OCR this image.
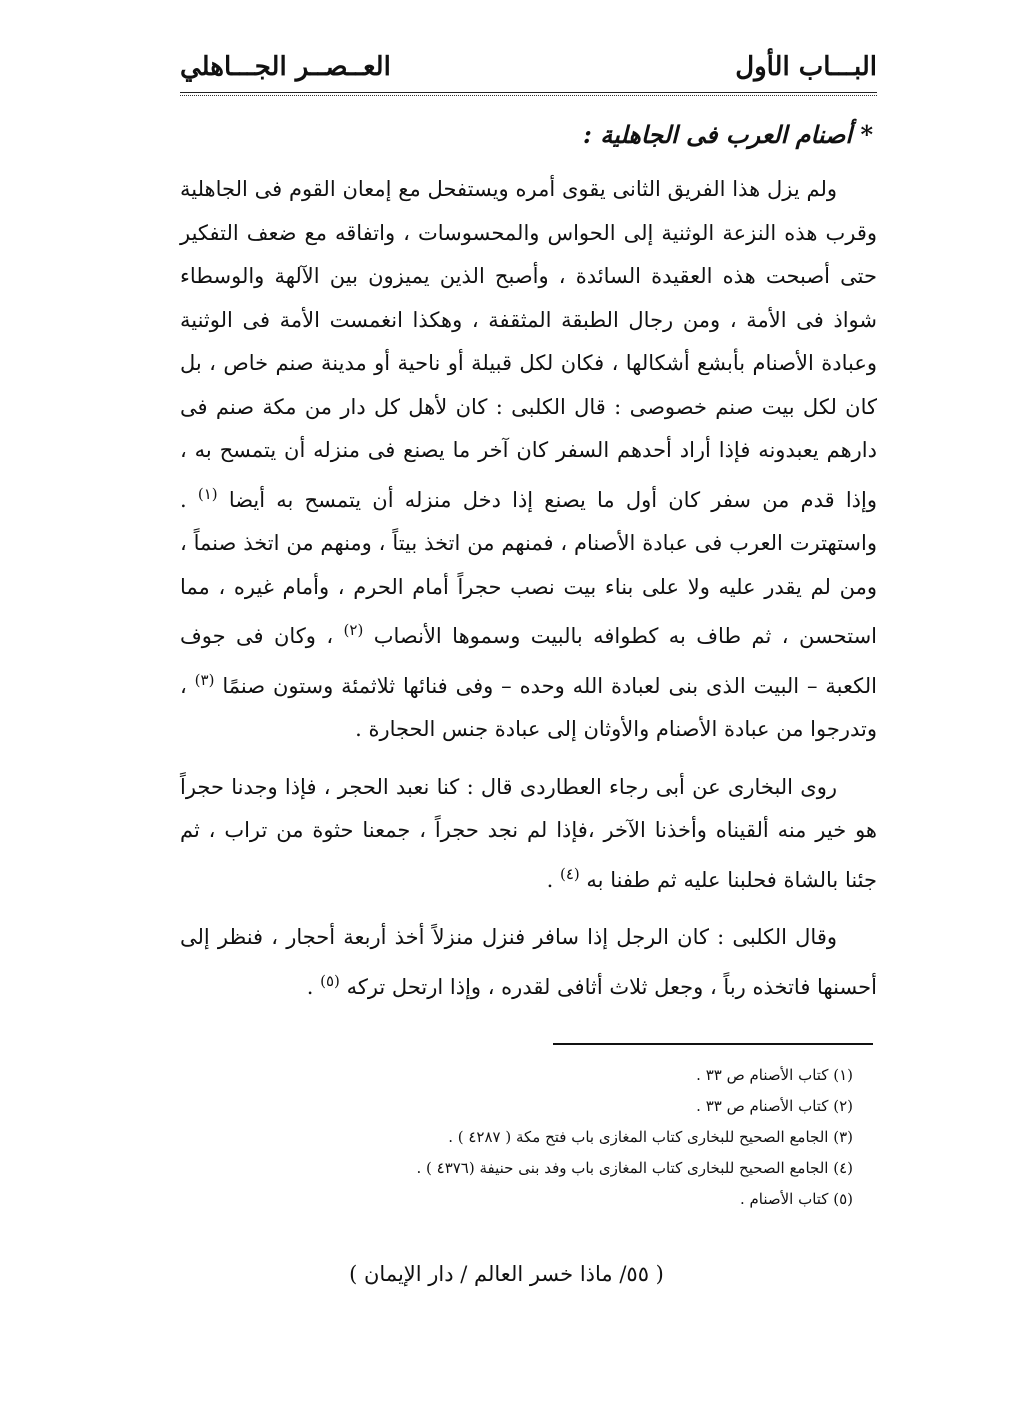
البـــاب الأول
العــصــر الجـــاهلي
* أصنام العرب فى الجاهلية :

ولم يزل هذا الفريق الثانى يقوى أمره ويستفحل مع إمعان القوم فى الجاهلية وقرب هذه النزعة الوثنية إلى الحواس والمحسوسات ، واتفاقه مع ضعف التفكير حتى أصبحت هذه العقيدة السائدة ، وأصبح الذين يميزون بين الآلهة والوسطاء شواذ فى الأمة ، ومن رجال الطبقة المثقفة ، وهكذا انغمست الأمة فى الوثنية وعبادة الأصنام بأبشع أشكالها ، فكان لكل قبيلة أو ناحية أو مدينة صنم خاص ، بل كان لكل بيت صنم خصوصى : قال الكلبى : كان لأهل كل دار من مكة صنم فى دارهم يعبدونه فإذا أراد أحدهم السفر كان آخر ما يصنع فى منزله أن يتمسح به ، وإذا قدم من سفر كان أول ما يصنع إذا دخل منزله أن يتمسح به أيضا $^{(١)}$ . واستهترت العرب فى عبادة الأصنام ، فمنهم من اتخذ بيتاً ، ومنهم من اتخذ صنماً ، ومن لم يقدر عليه ولا على بناء بيت نصب حجراً أمام الحرم ، وأمام غيره ، مما استحسن ، ثم طاف به كطوافه بالبيت وسموها الأنصاب $^{(٢)}$ ، وكان فى جوف الكعبة – البيت الذى بنى لعبادة الله وحده – وفى فنائها ثلاثمئة وستون صنمًا $^{(٣)}$ ، وتدرجوا من عبادة الأصنام والأوثان إلى عبادة جنس الحجارة .

روى البخارى عن أبى رجاء العطاردى قال : كنا نعبد الحجر ، فإذا وجدنا حجراً هو خير منه ألقيناه وأخذنا الآخر ،فإذا لم نجد حجراً ، جمعنا حثوة من تراب ، ثم جئنا بالشاة فحلبنا عليه ثم طفنا به $^{(٤)}$ .

وقال الكلبى : كان الرجل إذا سافر فنزل منزلاً أخذ أربعة أحجار ، فنظر إلى أحسنها فاتخذه رباً ، وجعل ثلاث أثافى لقدره ، وإذا ارتحل تركه $^{(٥)}$ .

(١) كتاب الأصنام ص ٣٣ .
(٢) كتاب الأصنام ص ٣٣ .
(٣) الجامع الصحيح للبخارى كتاب المغازى باب فتح مكة ( ٤٢٨٧ ) .
(٤) الجامع الصحيح للبخارى كتاب المغازى باب وفد بنى حنيفة (٤٣٧٦ ) .
(٥) كتاب الأصنام .
( ٥٥/ ماذا خسر العالم / دار الإيمان )
